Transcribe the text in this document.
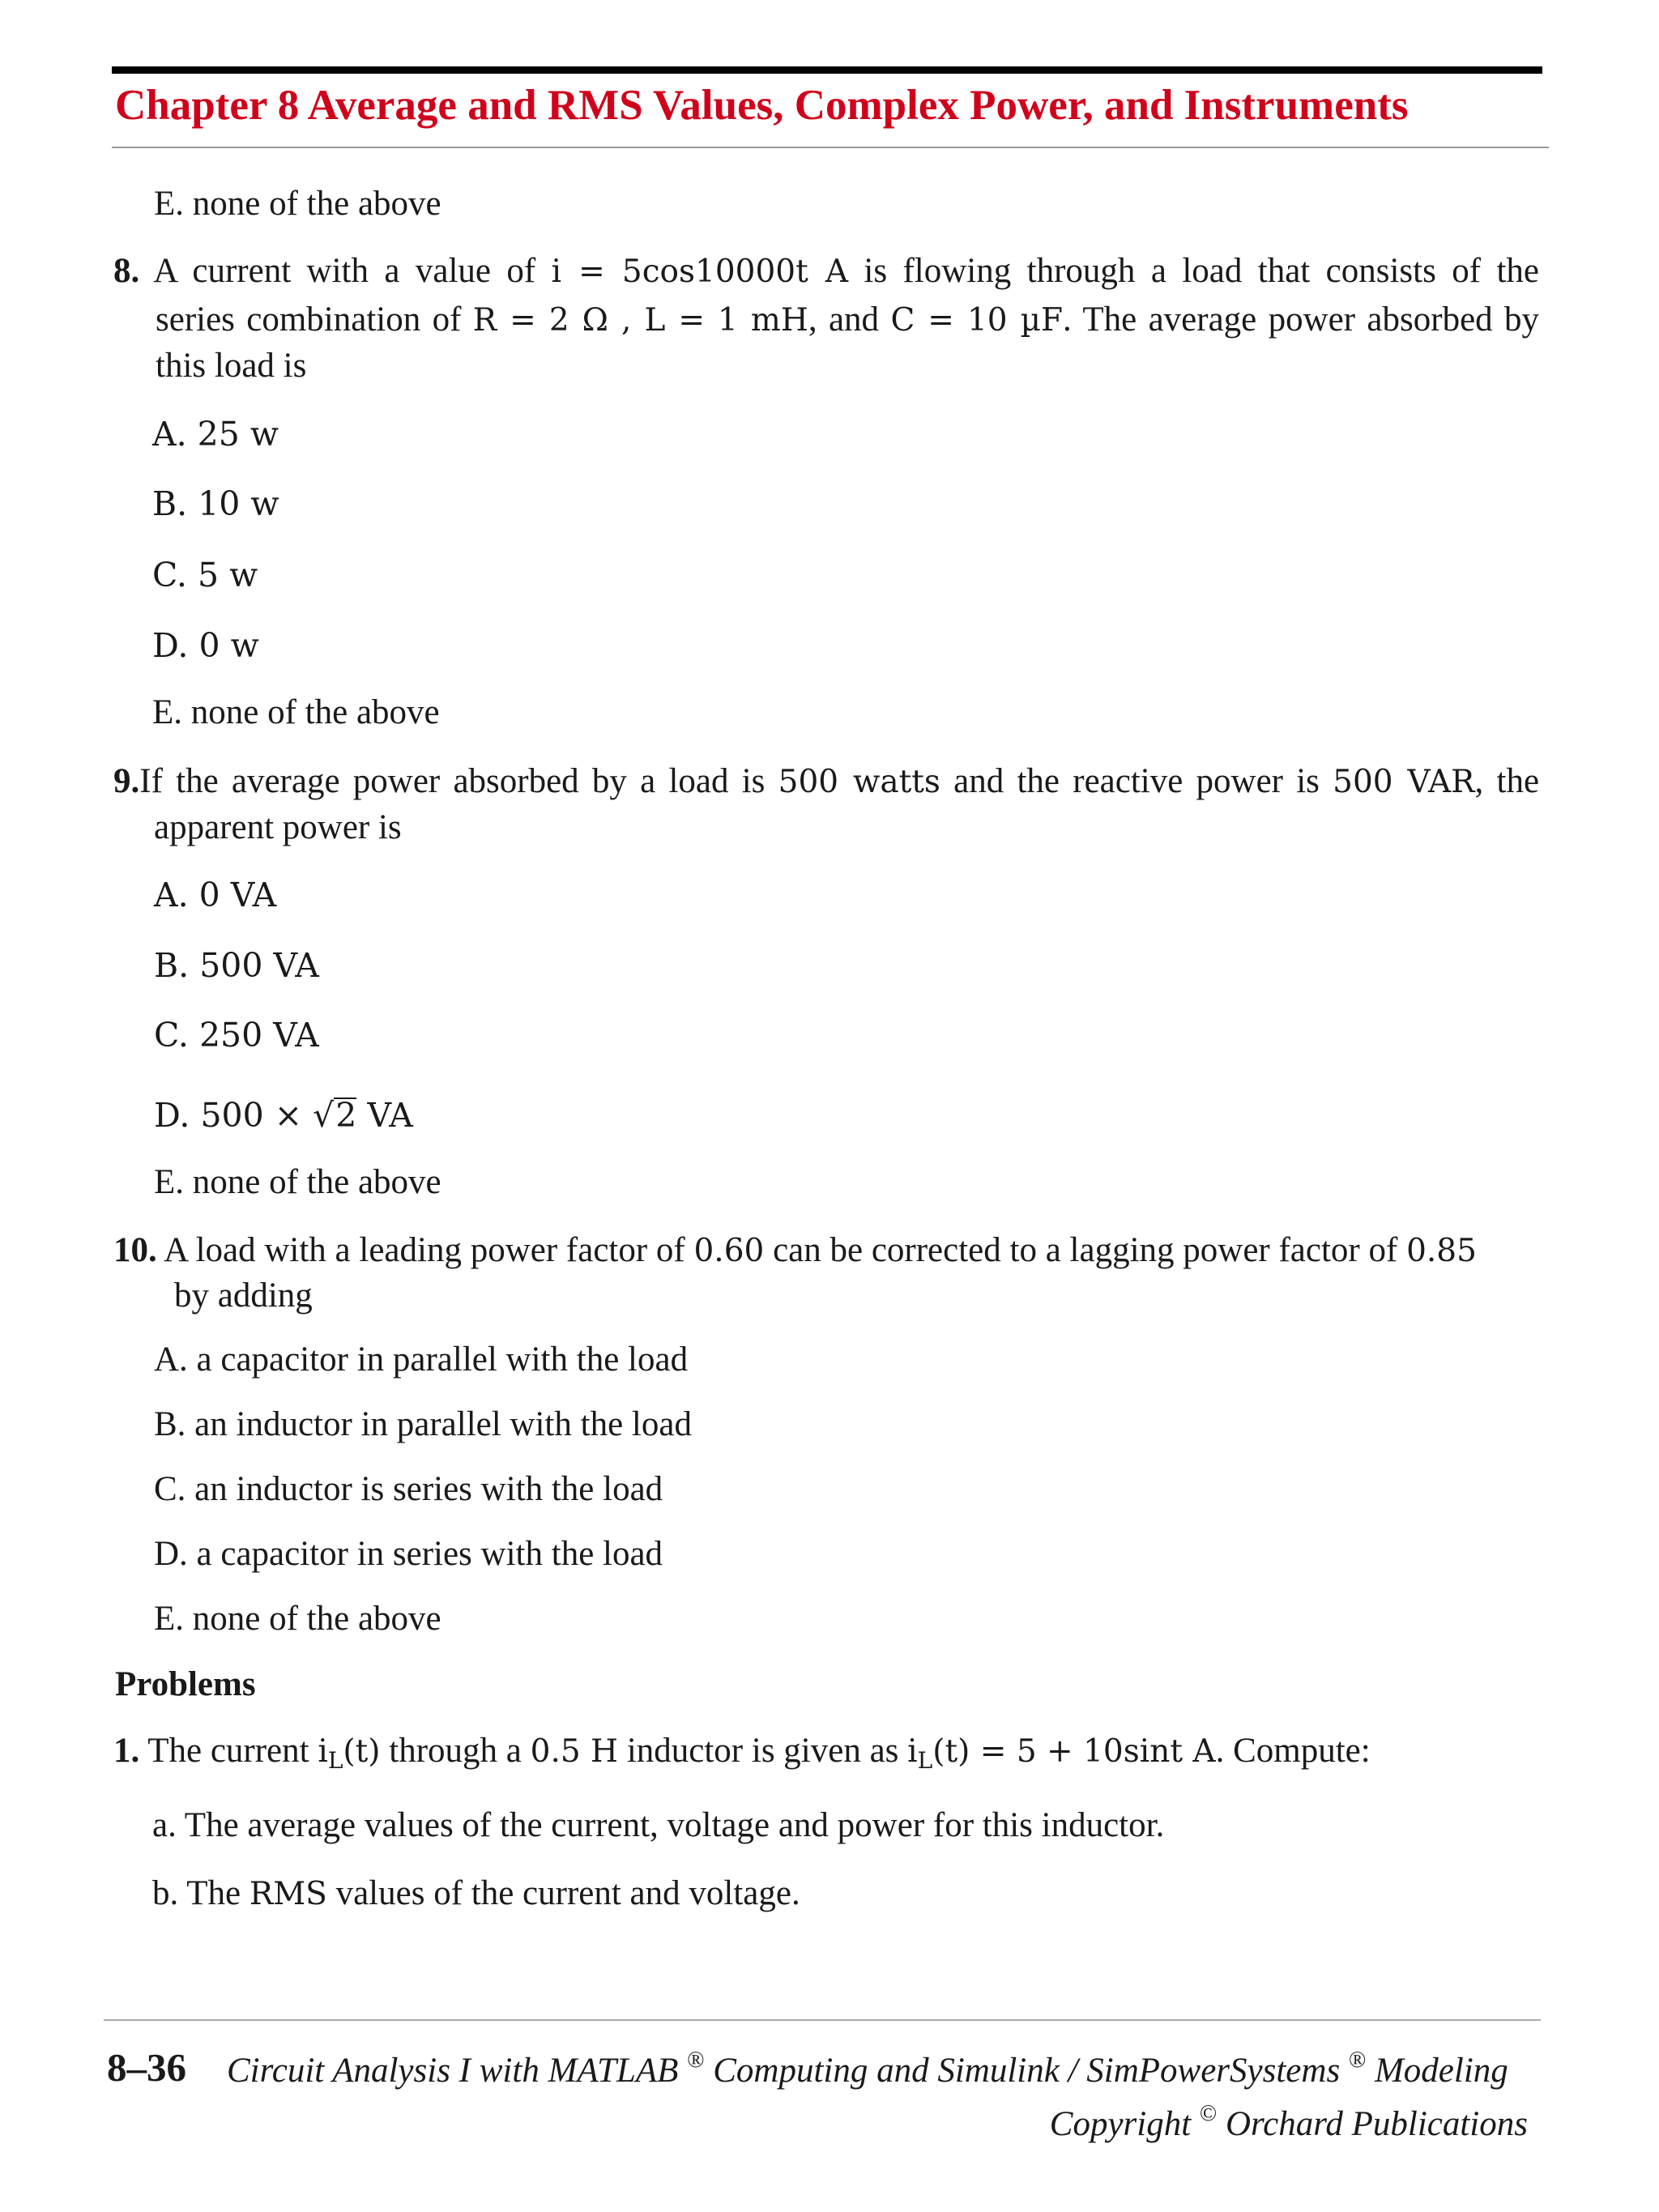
Chapter 8 Average and RMS Values, Complex Power, and Instruments
E. none of the above
8. A current with a value of i = 5cos10000t A is flowing through a load that consists of the
series combination of R = 2 Ω , L = 1 mH, and C = 10 µF. The average power absorbed by
this load is
A. 25 w
B. 10 w
C. 5 w
D. 0 w
E. none of the above
9.If the average power absorbed by a load is 500 watts and the reactive power is 500 VAR, the
apparent power is
A. 0 VA
B. 500 VA
C. 250 VA
D. 500 × √2 VA
E. none of the above
10. A load with a leading power factor of 0.60 can be corrected to a lagging power factor of 0.85
by adding
A. a capacitor in parallel with the load
B. an inductor in parallel with the load
C. an inductor is series with the load
D. a capacitor in series with the load
E. none of the above
Problems
1. The current $i_L(t)$ through a 0.5 H inductor is given as $i_L(t) = 5 + 10\sin t$ A. Compute:
a. The average values of the current, voltage and power for this inductor.
b. The RMS values of the current and voltage.
8–36 Circuit Analysis I with MATLAB ® Computing and Simulink / SimPowerSystems ® Modeling
Copyright © Orchard Publications
